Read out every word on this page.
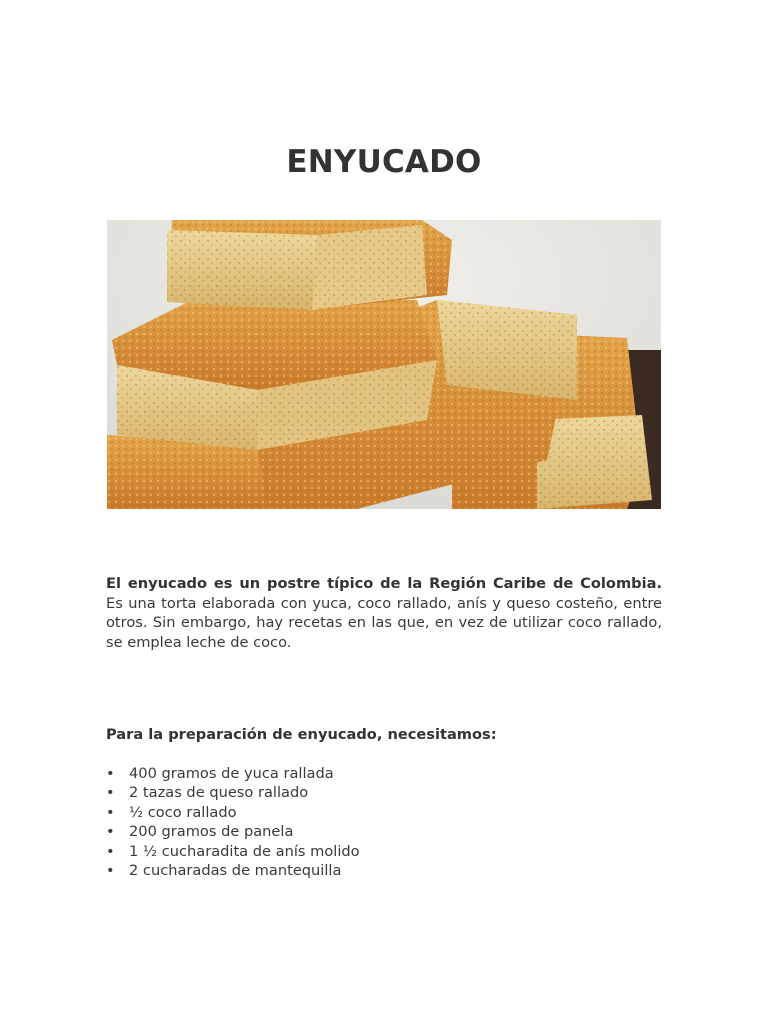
ENYUCADO

El enyucado es un postre típico de la Región Caribe de Colombia. Es una torta elaborada con yuca, coco rallado, anís y queso costeño, entre otros. Sin embargo, hay recetas en las que, en vez de utilizar coco rallado, se emplea leche de coco.

Para la preparación de enyucado, necesitamos:
• 400 gramos de yuca rallada
• 2 tazas de queso rallado
• ½ coco rallado
• 200 gramos de panela
• 1 ½ cucharadita de anís molido
• 2 cucharadas de mantequilla
